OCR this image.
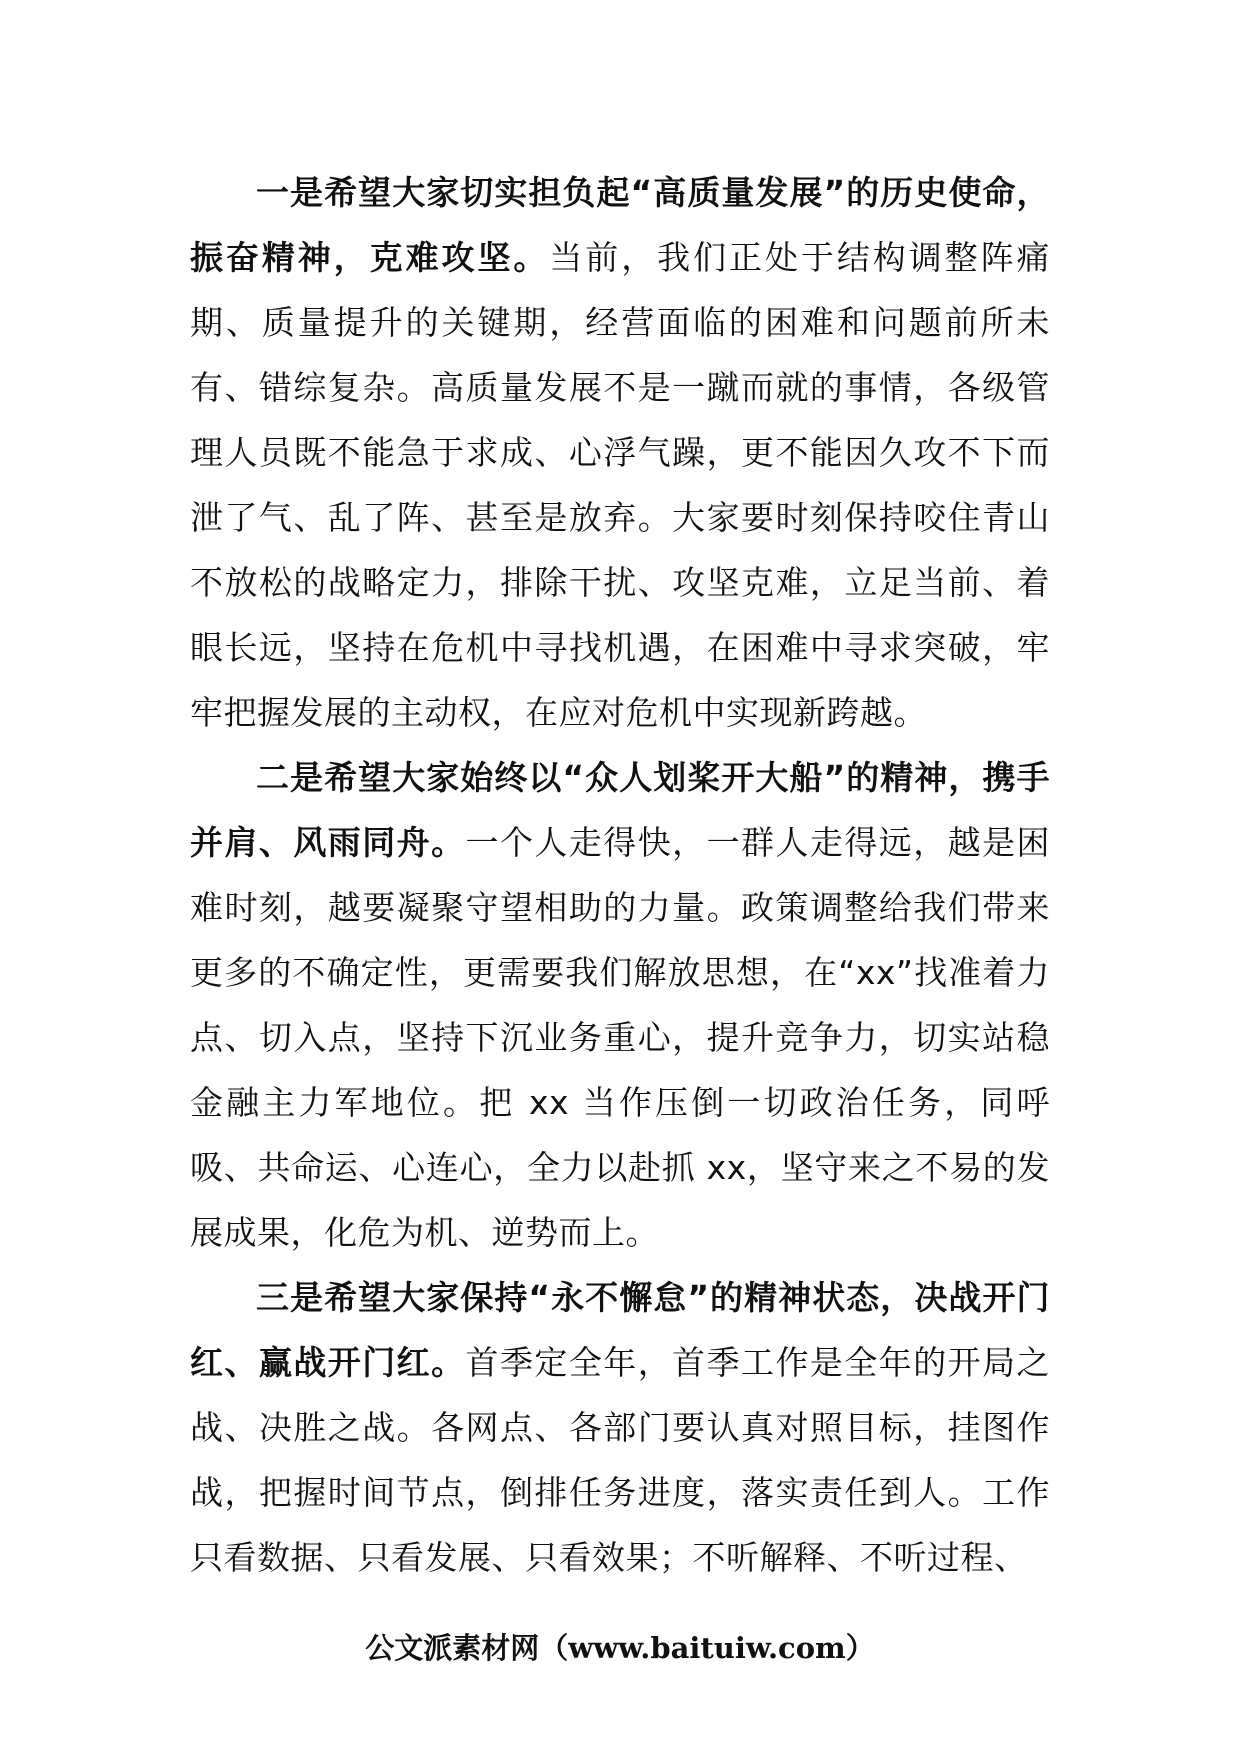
一是希望大家切实担负起“高质量发展”的历史使命，振奋精神，克难攻坚。当前，我们正处于结构调整阵痛期、质量提升的关键期，经营面临的困难和问题前所未有、错综复杂。高质量发展不是一蹴而就的事情，各级管理人员既不能急于求成、心浮气躁，更不能因久攻不下而泄了气、乱了阵、甚至是放弃。大家要时刻保持咬住青山不放松的战略定力，排除干扰、攻坚克难，立足当前、着眼长远，坚持在危机中寻找机遇，在困难中寻求突破，牢牢把握发展的主动权，在应对危机中实现新跨越。

二是希望大家始终以“众人划桨开大船”的精神，携手并肩、风雨同舟。一个人走得快，一群人走得远，越是困难时刻，越要凝聚守望相助的力量。政策调整给我们带来更多的不确定性，更需要我们解放思想，在“xx”找准着力点、切入点，坚持下沉业务重心，提升竞争力，切实站稳金融主力军地位。把 xx 当作压倒一切政治任务，同呼吸、共命运、心连心，全力以赴抓 xx，坚守来之不易的发展成果，化危为机、逆势而上。

三是希望大家保持“永不懈怠”的精神状态，决战开门红、赢战开门红。首季定全年，首季工作是全年的开局之战、决胜之战。各网点、各部门要认真对照目标，挂图作战，把握时间节点，倒排任务进度，落实责任到人。工作只看数据、只看发展、只看效果；不听解释、不听过程、

公文派素材网（www.baituiw.com）
